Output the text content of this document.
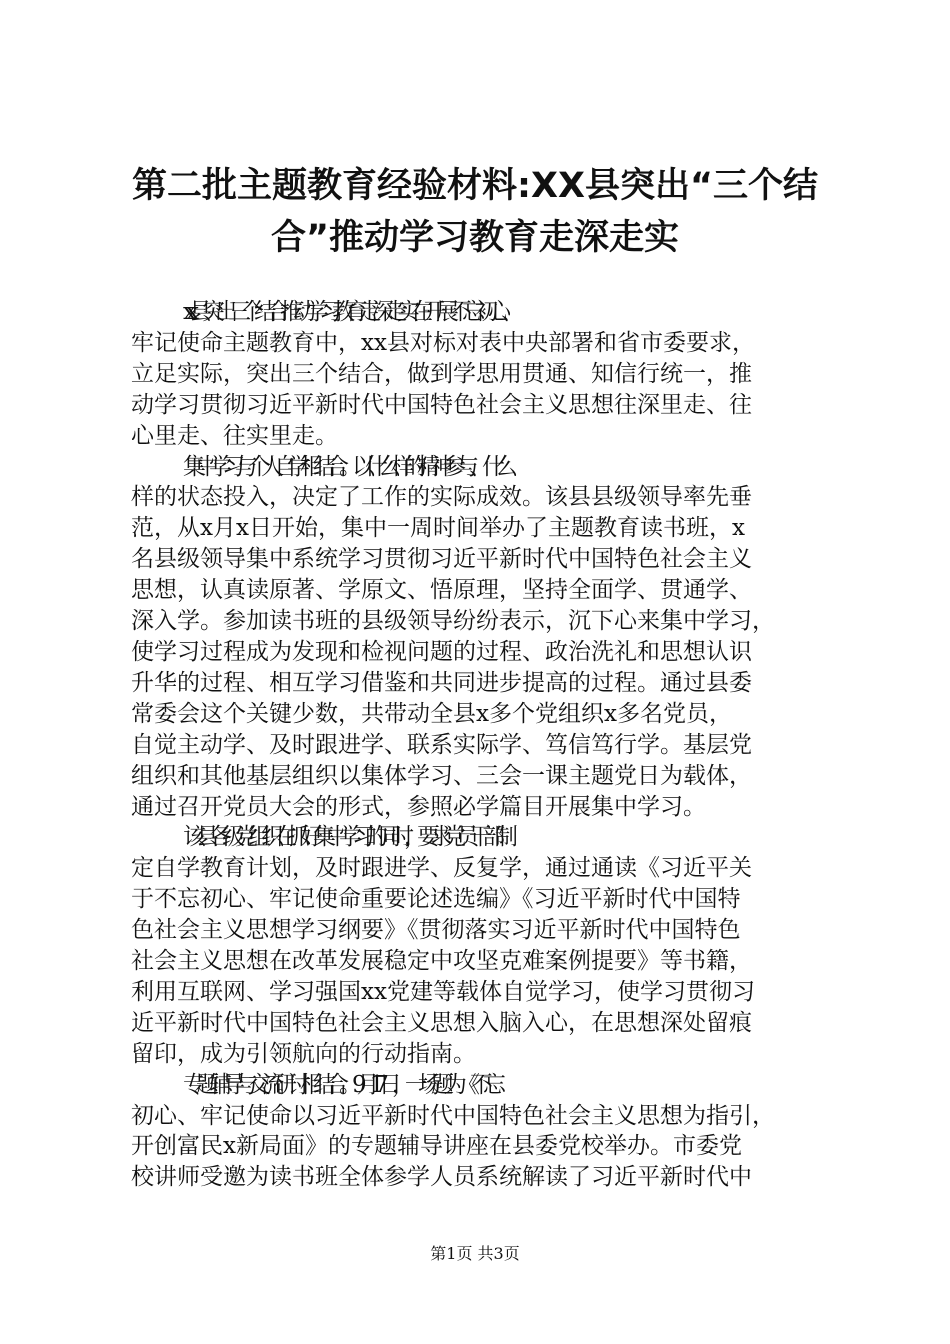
第二批主题教育经验材料:XX县突出“三个结
合”推动学习教育走深走实

xx县突出三个结合推动学习教育走深走实在开展不忘初心、
牢记使命主题教育中，xx县对标对表中央部署和省市委要求，
立足实际，突出三个结合，做到学思用贯通、知信行统一，推
动学习贯彻习近平新时代中国特色社会主义思想往深里走、往
心里走、往实里走。

集中学习与个人自学相结合。以什么样的精神参与、什么
样的状态投入，决定了工作的实际成效。该县县级领导率先垂
范，从x月x日开始，集中一周时间举办了主题教育读书班，x
名县级领导集中系统学习贯彻习近平新时代中国特色社会主义
思想，认真读原著、学原文、悟原理，坚持全面学、贯通学、
深入学。参加读书班的县级领导纷纷表示，沉下心来集中学习，
使学习过程成为发现和检视问题的过程、政治洗礼和思想认识
升华的过程、相互学习借鉴和共同进步提高的过程。通过县委
常委会这个关键少数，共带动全县x多个党组织x多名党员，
自觉主动学、及时跟进学、联系实际学、笃信笃行学。基层党
组织和其他基层组织以集体学习、三会一课主题党日为载体，
通过召开党员大会的形式，参照必学篇目开展集中学习。

该县各级党组织在抓好集中学习的同时，要求党员干部制
定自学教育计划，及时跟进学、反复学，通过通读《习近平关
于不忘初心、牢记使命重要论述选编》《习近平新时代中国特
色社会主义思想学习纲要》《贯彻落实习近平新时代中国特色
社会主义思想在改革发展稳定中攻坚克难案例提要》等书籍，
利用互联网、学习强国xx党建等载体自觉学习，使学习贯彻习
近平新时代中国特色社会主义思想入脑入心，在思想深处留痕
留印，成为引领航向的行动指南。

专题辅导与交流研讨相结合。9月17日，一场题为《不忘
初心、牢记使命以习近平新时代中国特色社会主义思想为指引，
开创富民x新局面》的专题辅导讲座在县委党校举办。市委党
校讲师受邀为读书班全体参学人员系统解读了习近平新时代中

第1页 共3页
